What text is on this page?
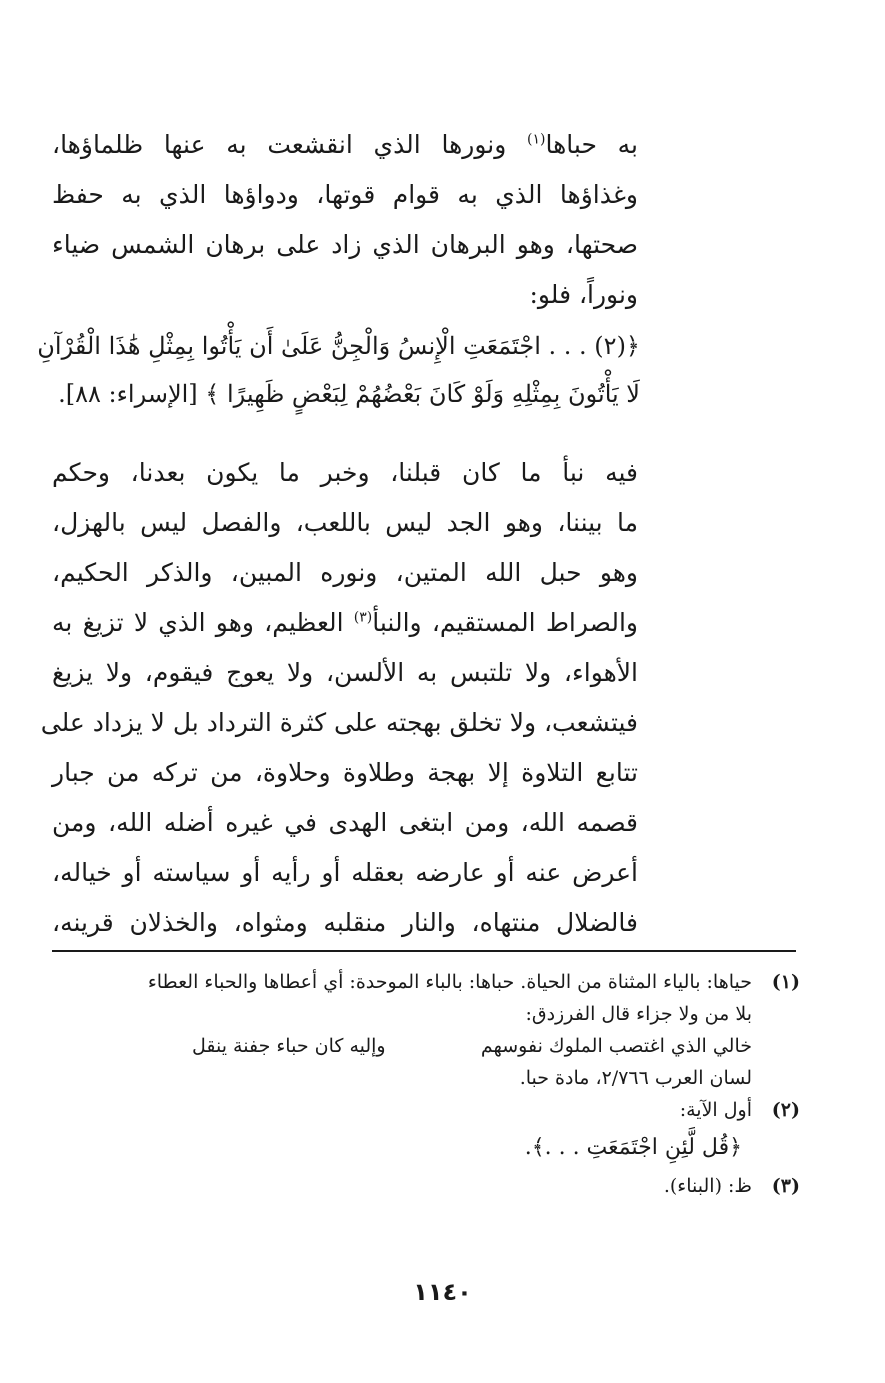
به حباها$^{(١)}$ ونورها الذي انقشعت به عنها ظلماؤها،
وغذاؤها الذي به قوام قوتها، ودواؤها الذي به حفظ
صحتها، وهو البرهان الذي زاد على برهان الشمس ضياء
ونوراً، فلو:
﴿(٢) . . . اجْتَمَعَتِ الْإِنسُ وَالْجِنُّ عَلَىٰ أَن يَأْتُوا بِمِثْلِ هَٰذَا الْقُرْآنِ
لَا يَأْتُونَ بِمِثْلِهِ وَلَوْ كَانَ بَعْضُهُمْ لِبَعْضٍ ظَهِيرًا ﴾ [الإسراء: ٨٨].
فيه نبأ ما كان قبلنا، وخبر ما يكون بعدنا، وحكم
ما بيننا، وهو الجد ليس باللعب، والفصل ليس بالهزل،
وهو حبل الله المتين، ونوره المبين، والذكر الحكيم،
والصراط المستقيم، والنبأ$^{(٣)}$ العظيم، وهو الذي لا تزيغ به
الأهواء، ولا تلتبس به الألسن، ولا يعوج فيقوم، ولا يزيغ
فيتشعب، ولا تخلق بهجته على كثرة الترداد بل لا يزداد على
تتابع التلاوة إلا بهجة وطلاوة وحلاوة، من تركه من جبار
قصمه الله، ومن ابتغى الهدى في غيره أضله الله، ومن
أعرض عنه أو عارضه بعقله أو رأيه أو سياسته أو خياله،
فالضلال منتهاه، والنار منقلبه ومثواه، والخذلان قرينه،
(١)
حياها: بالياء المثناة من الحياة. حباها: بالباء الموحدة: أي أعطاها والحباء العطاء
بلا من ولا جزاء قال الفرزدق:
خالي الذي اغتصب الملوك نفوسهم
وإليه كان حباء جفنة ينقل
لسان العرب ٢/٧٦٦، مادة حبا.
(٢)
أول الآية:
﴿قُل لَّئِنِ اجْتَمَعَتِ . . .﴾.
(٣)
ظ: (البناء).
١١٤٠
